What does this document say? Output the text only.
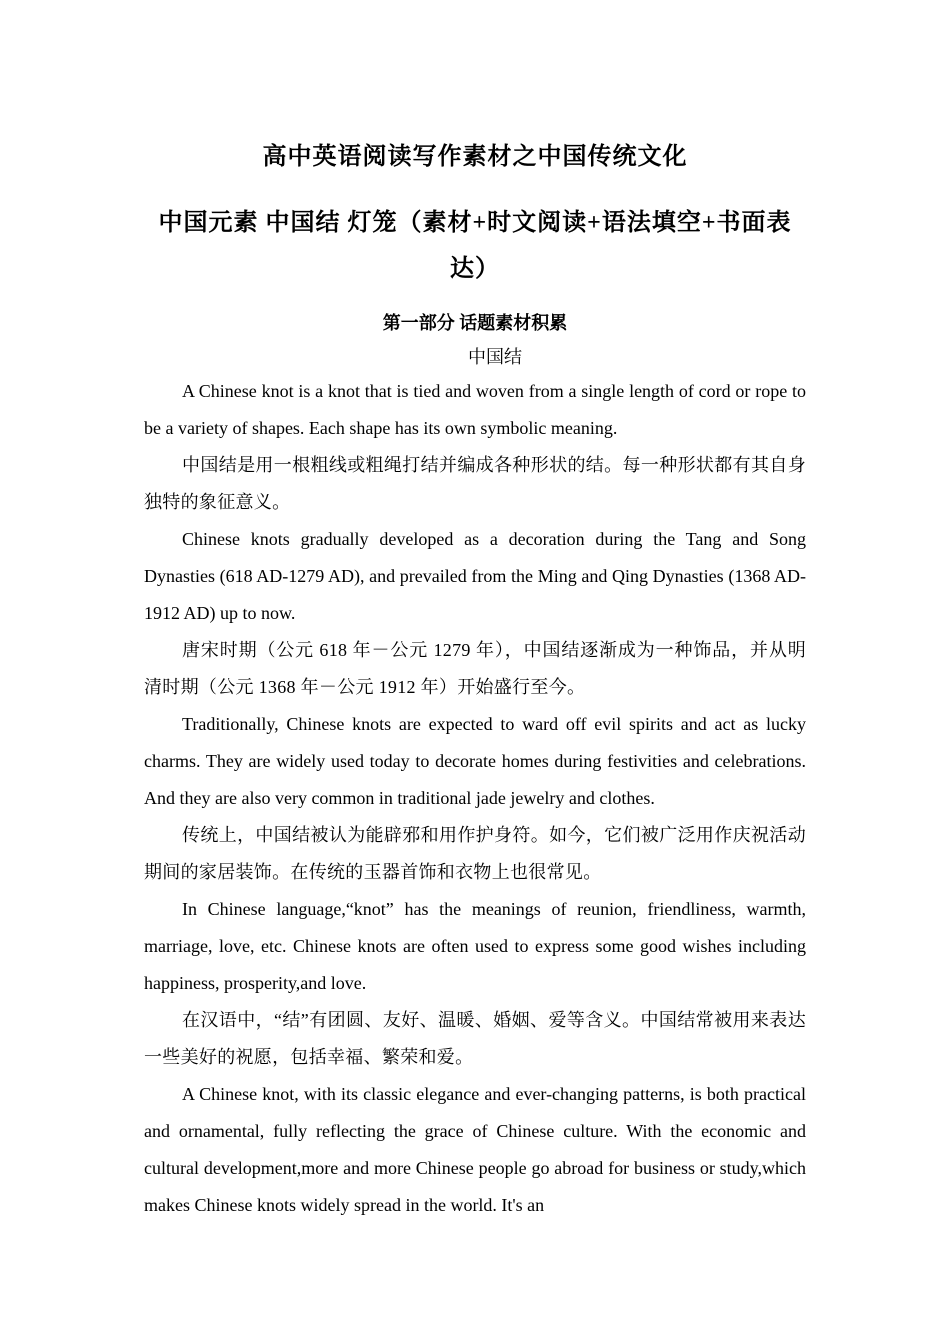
高中英语阅读写作素材之中国传统文化
中国元素 中国结 灯笼（素材+时文阅读+语法填空+书面表达）
第一部分 话题素材积累
中国结

A Chinese knot is a knot that is tied and woven from a single length of cord or rope to be a variety of shapes. Each shape has its own symbolic meaning.

中国结是用一根粗线或粗绳打结并编成各种形状的结。每一种形状都有其自身独特的象征意义。

Chinese knots gradually developed as a decoration during the Tang and Song Dynasties (618 AD-1279 AD), and prevailed from the Ming and Qing Dynasties (1368 AD-1912 AD) up to now.

唐宋时期（公元 618 年－公元 1279 年），中国结逐渐成为一种饰品，并从明清时期（公元 1368 年－公元 1912 年）开始盛行至今。

Traditionally, Chinese knots are expected to ward off evil spirits and act as lucky charms. They are widely used today to decorate homes during festivities and celebrations. And they are also very common in traditional jade jewelry and clothes.

传统上，中国结被认为能辟邪和用作护身符。如今，它们被广泛用作庆祝活动期间的家居装饰。在传统的玉器首饰和衣物上也很常见。

In Chinese language,“knot” has the meanings of reunion, friendliness, warmth, marriage, love, etc. Chinese knots are often used to express some good wishes including happiness, prosperity,and love.

在汉语中，“结”有团圆、友好、温暖、婚姻、爱等含义。中国结常被用来表达一些美好的祝愿，包括幸福、繁荣和爱。

A Chinese knot, with its classic elegance and ever-changing patterns, is both practical and ornamental, fully reflecting the grace of Chinese culture. With the economic and cultural development,more and more Chinese people go abroad for business or study,which makes Chinese knots widely spread in the world. It's an
